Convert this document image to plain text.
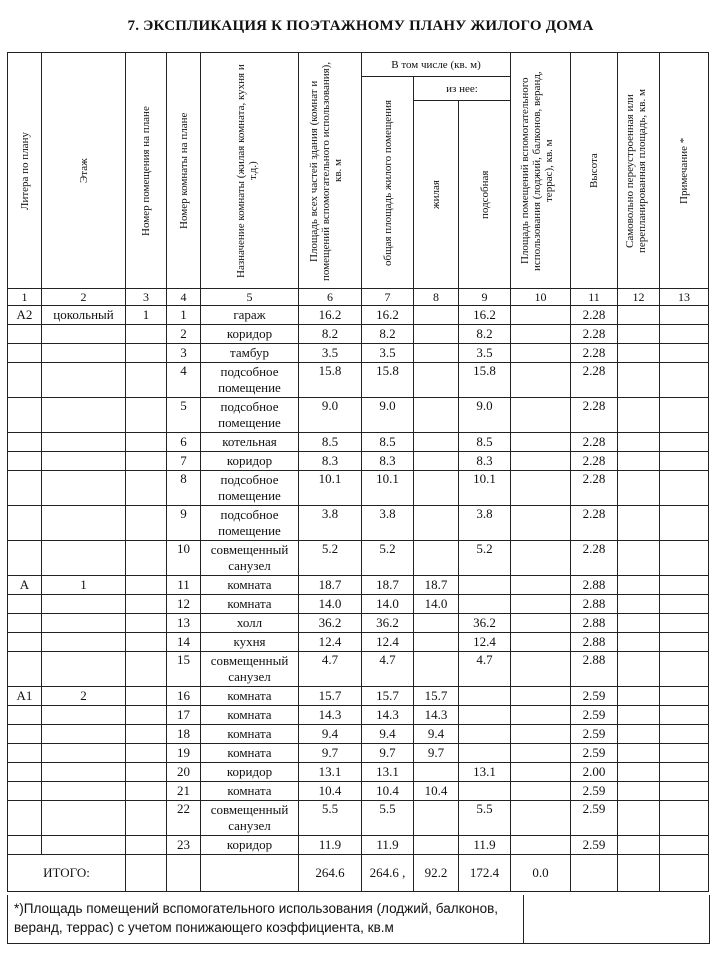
7. ЭКСПЛИКАЦИЯ К ПОЭТАЖНОМУ ПЛАНУ ЖИЛОГО ДОМА
Литера по плану	Этаж	Номер помещения на плане	Номер комнаты на плане	Назначение комнаты (жилая комната, кухня и т.д.)	Площадь всех частей здания (комнат и помещений вспомогательного использования), кв. м	В том числе (кв. м)			Площадь помещений вспомогательного использования (лоджий, балконов, веранд, террас), кв. м	Высота	Самовольно переустроенная или перепланированная площадь, кв. м	Примечание *

						общая площадь жилого помещения	из нее:					

							жилая	подсобная				

1	2	3	4	5	6	7	8	9	10	11	12	13
А2	цокольный	1	1	гараж	16.2	16.2		16.2		2.28		
			2	коридор	8.2	8.2		8.2		2.28		
			3	тамбур	3.5	3.5		3.5		2.28		
			4	подсобное помещение	15.8	15.8		15.8		2.28		
			5	подсобное помещение	9.0	9.0		9.0		2.28		
			6	котельная	8.5	8.5		8.5		2.28		
			7	коридор	8.3	8.3		8.3		2.28		
			8	подсобное помещение	10.1	10.1		10.1		2.28		
			9	подсобное помещение	3.8	3.8		3.8		2.28		
			10	совмещенный санузел	5.2	5.2		5.2		2.28		
А	1		11	комната	18.7	18.7	18.7			2.88		
			12	комната	14.0	14.0	14.0			2.88		
			13	холл	36.2	36.2		36.2		2.88		
			14	кухня	12.4	12.4		12.4		2.88		
			15	совмещенный санузел	4.7	4.7		4.7		2.88		
А1	2		16	комната	15.7	15.7	15.7			2.59		
			17	комната	14.3	14.3	14.3			2.59		
			18	комната	9.4	9.4	9.4			2.59		
			19	комната	9.7	9.7	9.7			2.59		
			20	коридор	13.1	13.1		13.1		2.00		
			21	комната	10.4	10.4	10.4			2.59		
			22	совмещенный санузел	5.5	5.5		5.5		2.59		
			23	коридор	11.9	11.9		11.9		2.59		
ИТОГО:					264.6	264.6 ,	92.2	172.4	0.0			
*)Площадь помещений вспомогательного использования (лоджий, балконов, веранд, террас) с учетом понижающего коэффициента, кв.м
